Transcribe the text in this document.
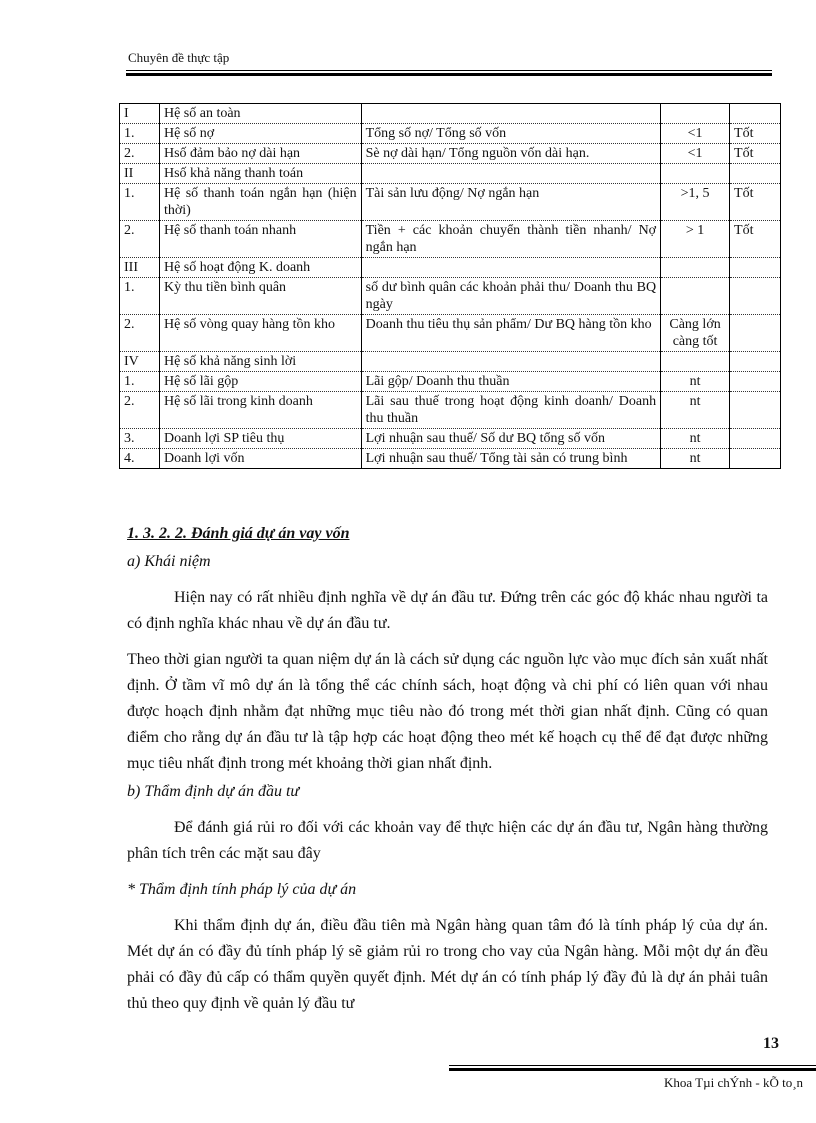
Chuyên đề thực tập
I	Hệ số an toàn			
1.	Hệ số nợ	Tổng số nợ/ Tổng số vốn	<1	Tốt
2.	Hsố đảm bảo nợ dài hạn	Sè nợ dài hạn/ Tổng nguồn vốn dài hạn.	<1	Tốt
II	Hsố khả năng thanh toán			
1.	Hệ số thanh toán ngắn hạn (hiện thời)	Tài sản lưu động/ Nợ ngắn hạn	>1, 5	Tốt
2.	Hệ số thanh toán nhanh	Tiền + các khoản chuyển thành tiền nhanh/ Nợ ngắn hạn	> 1	Tốt
III	Hệ số hoạt động K. doanh			
1.	Kỳ thu tiền bình quân	số dư bình quân các khoản phải thu/ Doanh thu BQ ngày		
2.	Hệ số vòng quay hàng tồn kho	Doanh thu tiêu thụ sản phẩm/ Dư BQ hàng tồn kho	Càng lớn càng tốt	
IV	Hệ số khả năng sinh lời			
1.	Hệ số lãi gộp	Lãi gộp/ Doanh thu thuần	nt	
2.	Hệ số lãi trong kinh doanh	Lãi sau thuế trong hoạt động kinh doanh/ Doanh thu thuần	nt	
3.	Doanh lợi SP tiêu thụ	Lợi nhuận sau thuế/ Số dư BQ tổng số vốn	nt	
4.	Doanh lợi vốn	Lợi nhuận sau thuế/ Tổng tài sản có trung bình	nt	

1. 3. 2. 2. Đánh giá dự án vay vốn

a) Khái niệm

Hiện nay có rất nhiều định nghĩa về dự án đầu tư. Đứng trên các góc độ khác nhau người ta có định nghĩa khác nhau về dự án đầu tư.

Theo thời gian người ta quan niệm dự án là cách sử dụng các nguồn lực vào mục đích sản xuất nhất định. Ở tầm vĩ mô dự án là tổng thể các chính sách, hoạt động và chi phí có liên quan với nhau được hoạch định nhằm đạt những mục tiêu nào đó trong mét thời gian nhất định. Cũng có quan điểm cho rằng dự án đầu tư là tập hợp các hoạt động theo mét kế hoạch cụ thể để đạt được những mục tiêu nhất định trong mét khoảng thời gian nhất định.

b) Thẩm định dự án đầu tư

Để đánh giá rủi ro đối với các khoản vay để thực hiện các dự án đầu tư, Ngân hàng thường phân tích trên các mặt sau đây

* Thẩm định tính pháp lý của dự án

Khi thẩm định dự án, điều đầu tiên mà Ngân hàng quan tâm đó là tính pháp lý của dự án. Mét dự án có đầy đủ tính pháp lý sẽ giảm rủi ro trong cho vay của Ngân hàng. Mỗi một dự án đều phải có đầy đủ cấp có thẩm quyền quyết định. Mét dự án có tính pháp lý đầy đủ là dự án phải tuân thủ theo quy định về quản lý đầu tư

13
Khoa Tµi chÝnh - kÕ to¸n
